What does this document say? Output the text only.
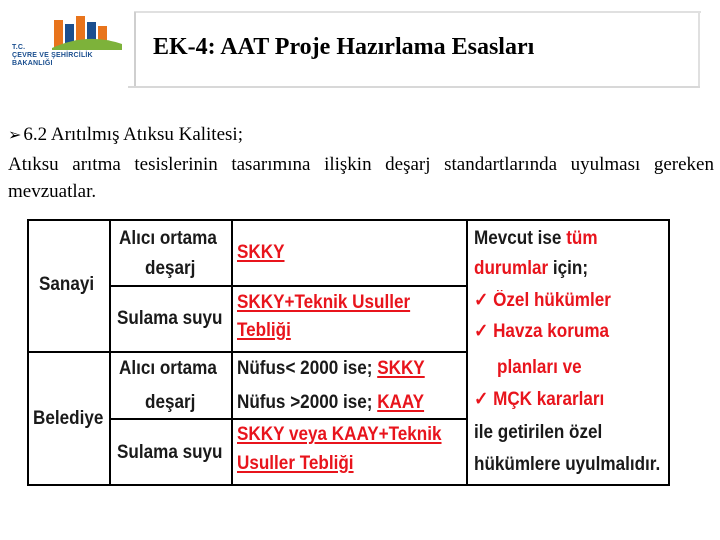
T.C.
ÇEVRE VE ŞEHİRCİLİK
BAKANLIĞI
EK-4: AAT Proje Hazırlama Esasları
➢ 6.2 Arıtılmış Atıksu Kalitesi;
Atıksu arıtma tesislerinin tasarımına ilişkin deşarj standartlarında uyulması gereken mevzuatlar.
Sanayi
Belediye
Alıcı ortama
deşarj
Sulama suyu
Alıcı ortama
deşarj
Sulama suyu
SKKY
SKKY+Teknik Usuller
Tebliği
Nüfus< 2000 ise; SKKY
Nüfus >2000 ise; KAAY
SKKY veya KAAY+Teknik
Usuller Tebliği
Mevcut ise tüm
durumlar için;
✓ Özel hükümler
✓ Havza koruma
planları ve
✓ MÇK kararları
ile getirilen özel
hükümlere uyulmalıdır.
